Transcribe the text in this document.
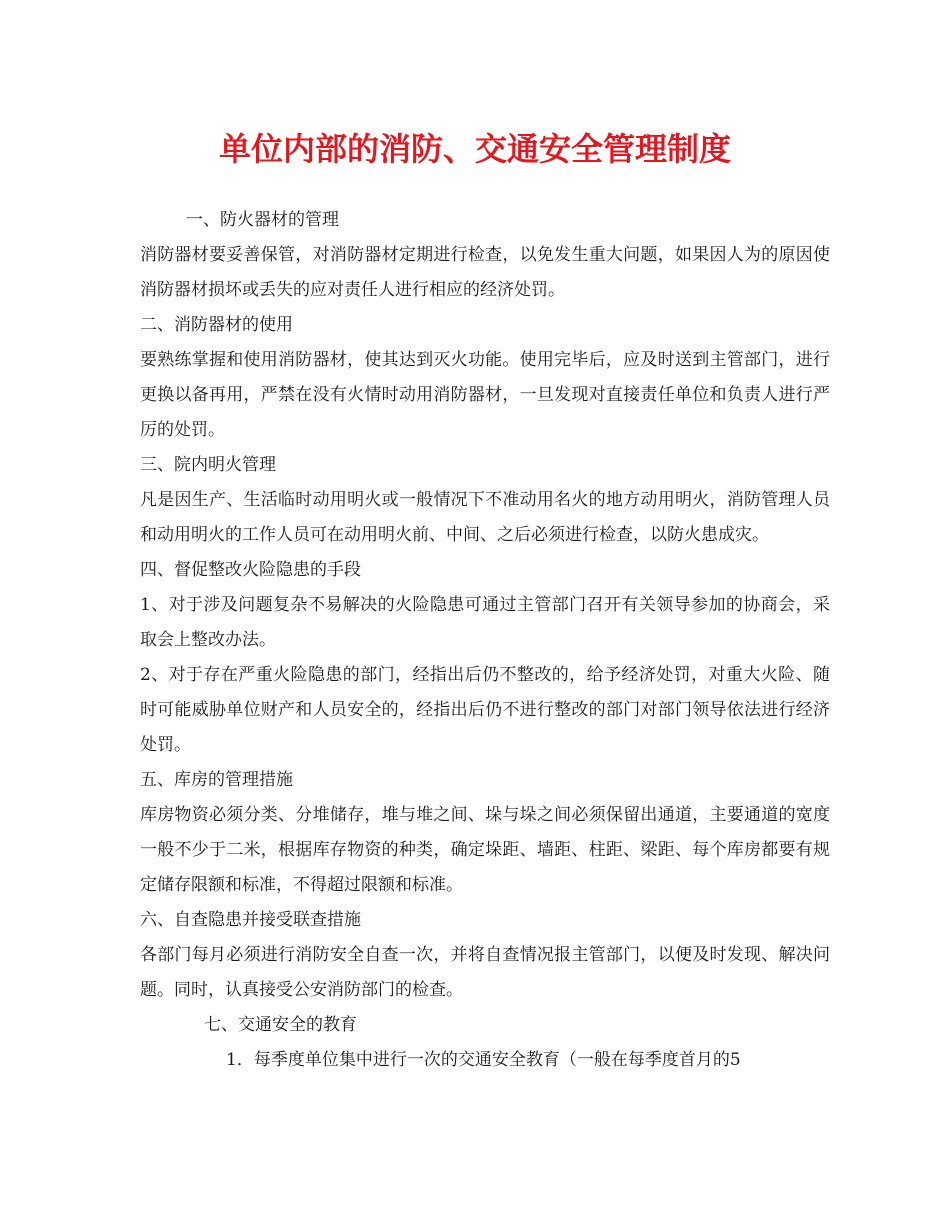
单位内部的消防、交通安全管理制度
一、防火器材的管理
消防器材要妥善保管，对消防器材定期进行检查，以免发生重大问题，如果因人为的原因使消防器材损坏或丢失的应对责任人进行相应的经济处罚。
二、消防器材的使用
要熟练掌握和使用消防器材，使其达到灭火功能。使用完毕后，应及时送到主管部门，进行更换以备再用，严禁在没有火情时动用消防器材，一旦发现对直接责任单位和负责人进行严厉的处罚。
三、院内明火管理
凡是因生产、生活临时动用明火或一般情况下不准动用名火的地方动用明火，消防管理人员和动用明火的工作人员可在动用明火前、中间、之后必须进行检查，以防火患成灾。
四、督促整改火险隐患的手段
1、对于涉及问题复杂不易解决的火险隐患可通过主管部门召开有关领导参加的协商会，采取会上整改办法。
2、对于存在严重火险隐患的部门，经指出后仍不整改的，给予经济处罚，对重大火险、随时可能威胁单位财产和人员安全的，经指出后仍不进行整改的部门对部门领导依法进行经济处罚。
五、库房的管理措施
库房物资必须分类、分堆储存，堆与堆之间、垛与垛之间必须保留出通道，主要通道的宽度一般不少于二米，根据库存物资的种类，确定垛距、墙距、柱距、梁距、每个库房都要有规定储存限额和标准，不得超过限额和标准。
六、自查隐患并接受联查措施
各部门每月必须进行消防安全自查一次，并将自查情况报主管部门，以便及时发现、解决问题。同时，认真接受公安消防部门的检查。
七、交通安全的教育
1．每季度单位集中进行一次的交通安全教育（一般在每季度首月的5
